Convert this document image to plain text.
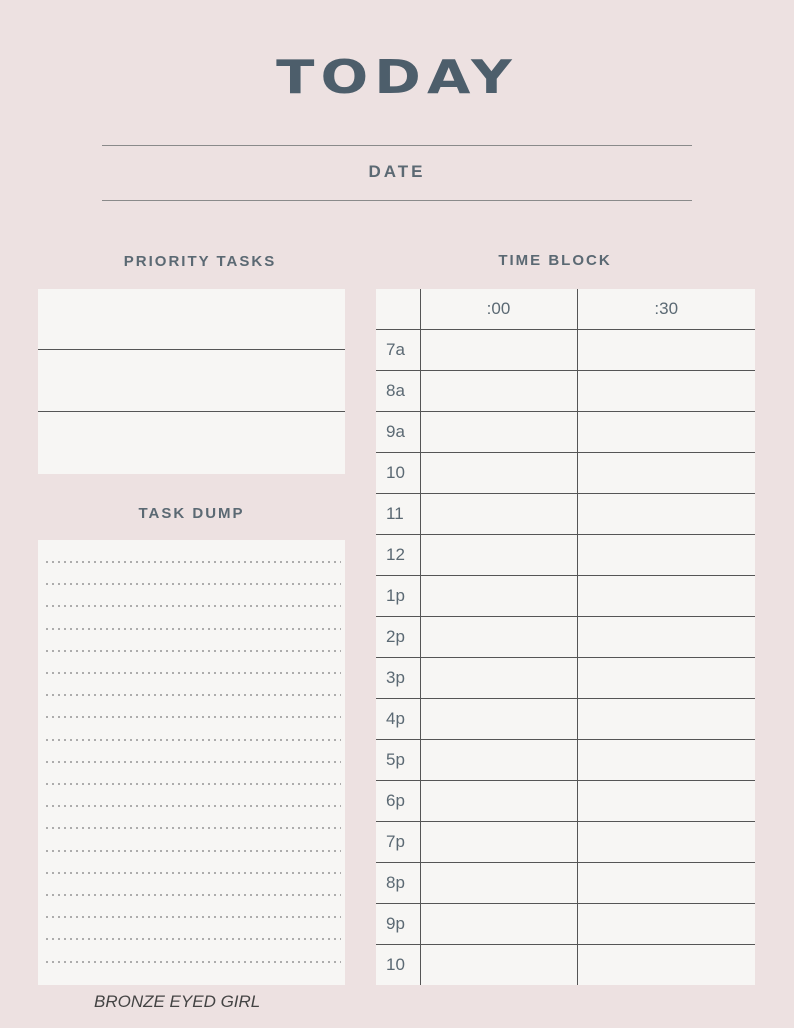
TODAY
DATE
PRIORITY TASKS
TASK DUMP
TIME BLOCK
	:00	:30
7a		
8a		
9a		
10		
11		
12		
1p		
2p		
3p		
4p		
5p		
6p		
7p		
8p		
9p		
10		
BRONZE EYED GIRL
